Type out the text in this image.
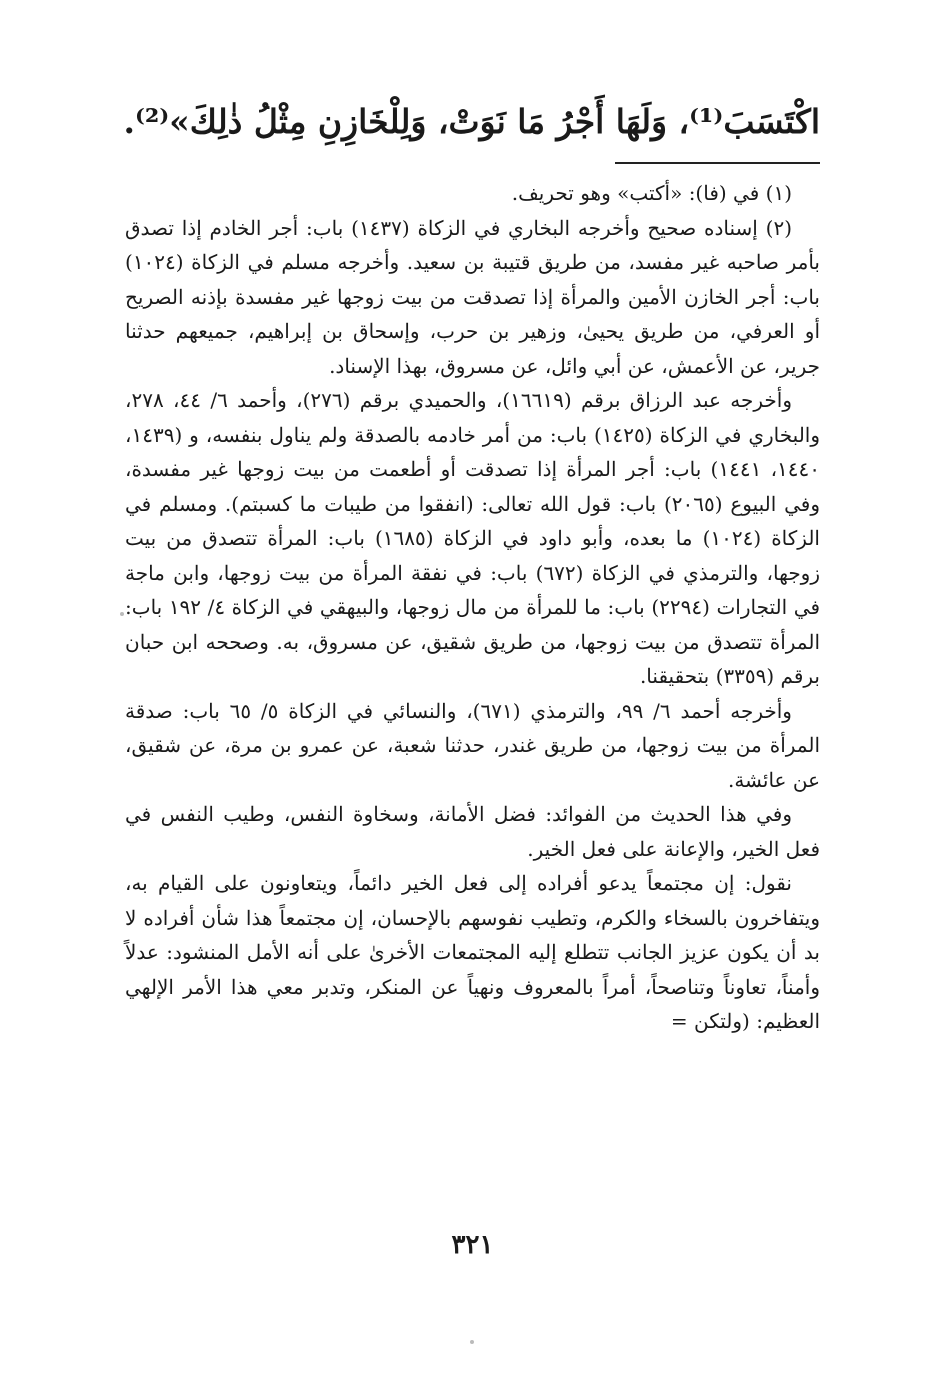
اكْتَسَبَ⁽¹⁾، وَلَهَا أَجْرُ مَا نَوَتْ، وَلِلْخَازِنِ مِثْلُ ذٰلِكَ»⁽²⁾.

(١) في (فا): «أكتب» وهو تحريف.

(٢) إسناده صحيح وأخرجه البخاري في الزكاة (١٤٣٧) باب: أجر الخادم إذا تصدق بأمر صاحبه غير مفسد، من طريق قتيبة بن سعيد. وأخرجه مسلم في الزكاة (١٠٢٤) باب: أجر الخازن الأمين والمرأة إذا تصدقت من بيت زوجها غير مفسدة بإذنه الصريح أو العرفي، من طريق يحيىٰ، وزهير بن حرب، وإسحاق بن إبراهيم، جميعهم حدثنا جرير، عن الأعمش، عن أبي وائل، عن مسروق، بهذا الإسناد.

وأخرجه عبد الرزاق برقم (١٦٦١٩)، والحميدي برقم (٢٧٦)، وأحمد ٦/ ٤٤، ٢٧٨، والبخاري في الزكاة (١٤٢٥) باب: من أمر خادمه بالصدقة ولم يناول بنفسه، و (١٤٣٩، ١٤٤٠، ١٤٤١) باب: أجر المرأة إذا تصدقت أو أطعمت من بيت زوجها غير مفسدة، وفي البيوع (٢٠٦٥) باب: قول الله تعالى: (انفقوا من طيبات ما كسبتم). ومسلم في الزكاة (١٠٢٤) ما بعده، وأبو داود في الزكاة (١٦٨٥) باب: المرأة تتصدق من بيت زوجها، والترمذي في الزكاة (٦٧٢) باب: في نفقة المرأة من بيت زوجها، وابن ماجة في التجارات (٢٢٩٤) باب: ما للمرأة من مال زوجها، والبيهقي في الزكاة ٤/ ١٩٢ باب: المرأة تتصدق من بيت زوجها، من طريق شقيق، عن مسروق، به. وصححه ابن حبان برقم (٣٣٥٩) بتحقيقنا.

وأخرجه أحمد ٦/ ٩٩، والترمذي (٦٧١)، والنسائي في الزكاة ٥/ ٦٥ باب: صدقة المرأة من بيت زوجها، من طريق غندر، حدثنا شعبة، عن عمرو بن مرة، عن شقيق، عن عائشة.

وفي هذا الحديث من الفوائد: فضل الأمانة، وسخاوة النفس، وطيب النفس في فعل الخير، والإعانة على فعل الخير.

نقول: إن مجتمعاً يدعو أفراده إلى فعل الخير دائماً، ويتعاونون على القيام به، ويتفاخرون بالسخاء والكرم، وتطيب نفوسهم بالإحسان، إن مجتمعاً هذا شأن أفراده لا بد أن يكون عزيز الجانب تتطلع إليه المجتمعات الأخرىٰ على أنه الأمل المنشود: عدلاً وأمناً، تعاوناً وتناصحاً، أمراً بالمعروف ونهياً عن المنكر، وتدبر معي هذا الأمر الإلهي العظيم: (ولتكن =

٣٢١
